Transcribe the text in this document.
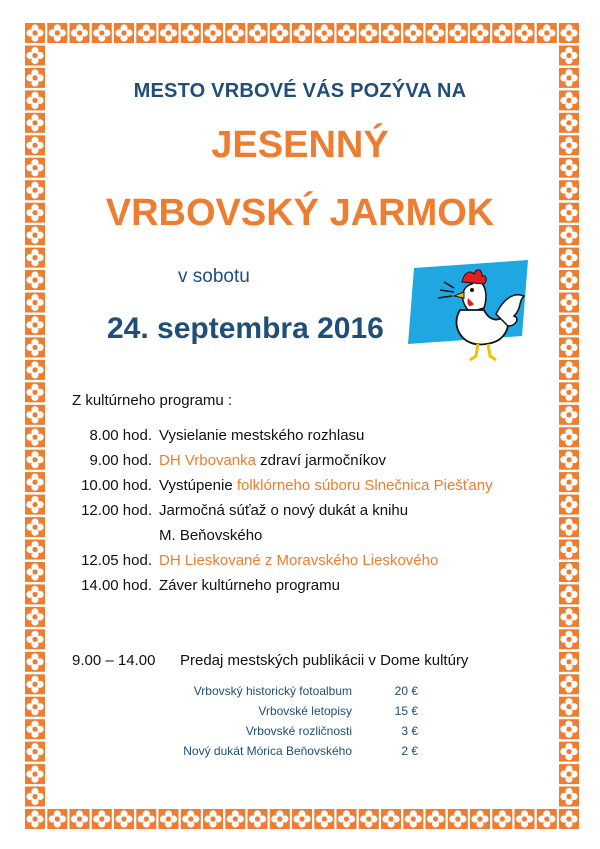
MESTO VRBOVÉ VÁS POZÝVA NA
JESENNÝ
VRBOVSKÝ JARMOK
v sobotu
24. septembra 2016
Z kultúrneho programu :
8.00 hod. Vysielanie mestského rozhlasu
9.00 hod. DH Vrbovanka zdraví jarmočníkov
10.00 hod. Vystúpenie folklórneho súboru Slnečnica Piešťany
12.00 hod. Jarmočná súťaž o nový dukát a knihu
M. Beňovského
12.05 hod. DH Lieskované z Moravského Lieskového
14.00 hod. Záver kultúrneho programu
9.00 – 14.00 Predaj mestských publikácii v Dome kultúry
Vrbovský historický fotoalbum	20 €
Vrbovské letopisy	15 €
Vrbovské rozličnosti	3 €
Nový dukát Mórica Beňovského	2 €
